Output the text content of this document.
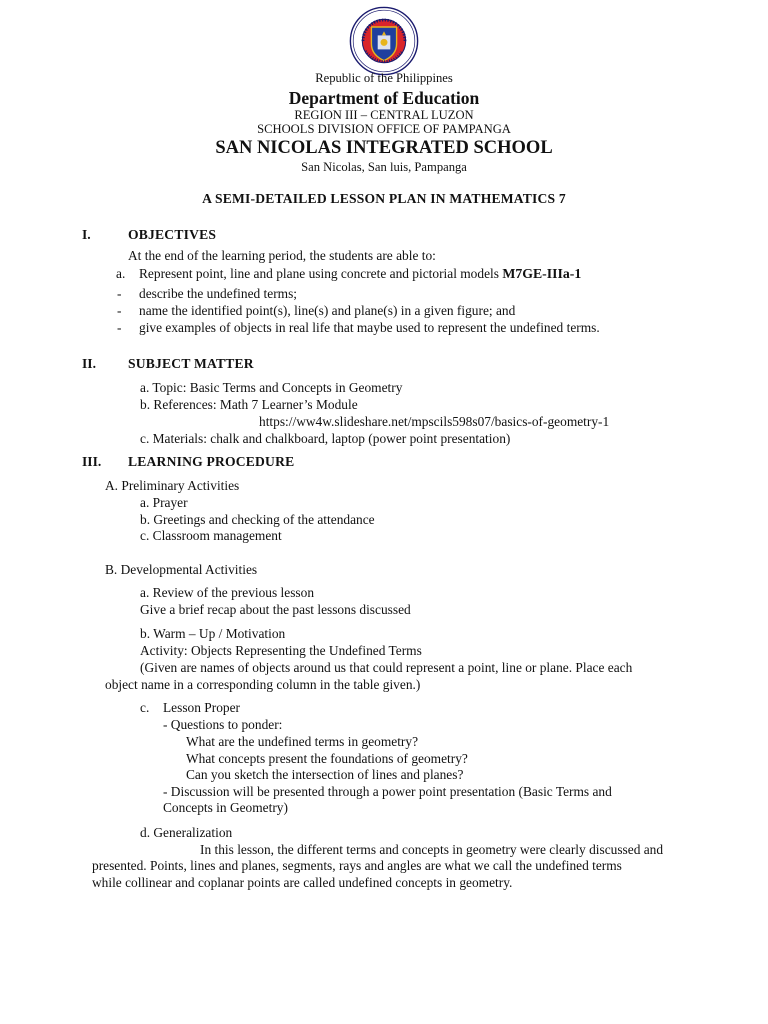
Republic of the Philippines
Department of Education
REGION III – CENTRAL LUZON
SCHOOLS DIVISION OFFICE OF PAMPANGA
SAN NICOLAS INTEGRATED SCHOOL
San Nicolas, San luis, Pampanga
A SEMI-DETAILED LESSON PLAN IN MATHEMATICS 7
I.	OBJECTIVES
At the end of the learning period, the students are able to:
a. Represent point, line and plane using concrete and pictorial models M7GE-IIIa-1
- describe the undefined terms;
- name the identified point(s), line(s) and plane(s) in a given figure; and
- give examples of objects in real life that maybe used to represent the undefined terms.
II. SUBJECT MATTER
a. Topic: Basic Terms and Concepts in Geometry
b. References: Math 7 Learner’s Module
https://ww4w.slideshare.net/mpscils598s07/basics-of-geometry-1
c. Materials: chalk and chalkboard, laptop (power point presentation)
III. LEARNING PROCEDURE
A. Preliminary Activities
a. Prayer
b. Greetings and checking of the attendance
c. Classroom management
B. Developmental Activities
a. Review of the previous lesson
Give a brief recap about the past lessons discussed
b. Warm – Up / Motivation
Activity: Objects Representing the Undefined Terms
(Given are names of objects around us that could represent a point, line or plane. Place each
object name in a corresponding column in the table given.)
c. Lesson Proper
- Questions to ponder:
What are the undefined terms in geometry?
What concepts present the foundations of geometry?
Can you sketch the intersection of lines and planes?
- Discussion will be presented through a power point presentation (Basic Terms and
Concepts in Geometry)
d. Generalization
In this lesson, the different terms and concepts in geometry were clearly discussed and
presented. Points, lines and planes, segments, rays and angles are what we call the undefined terms
while collinear and coplanar points are called undefined concepts in geometry.
